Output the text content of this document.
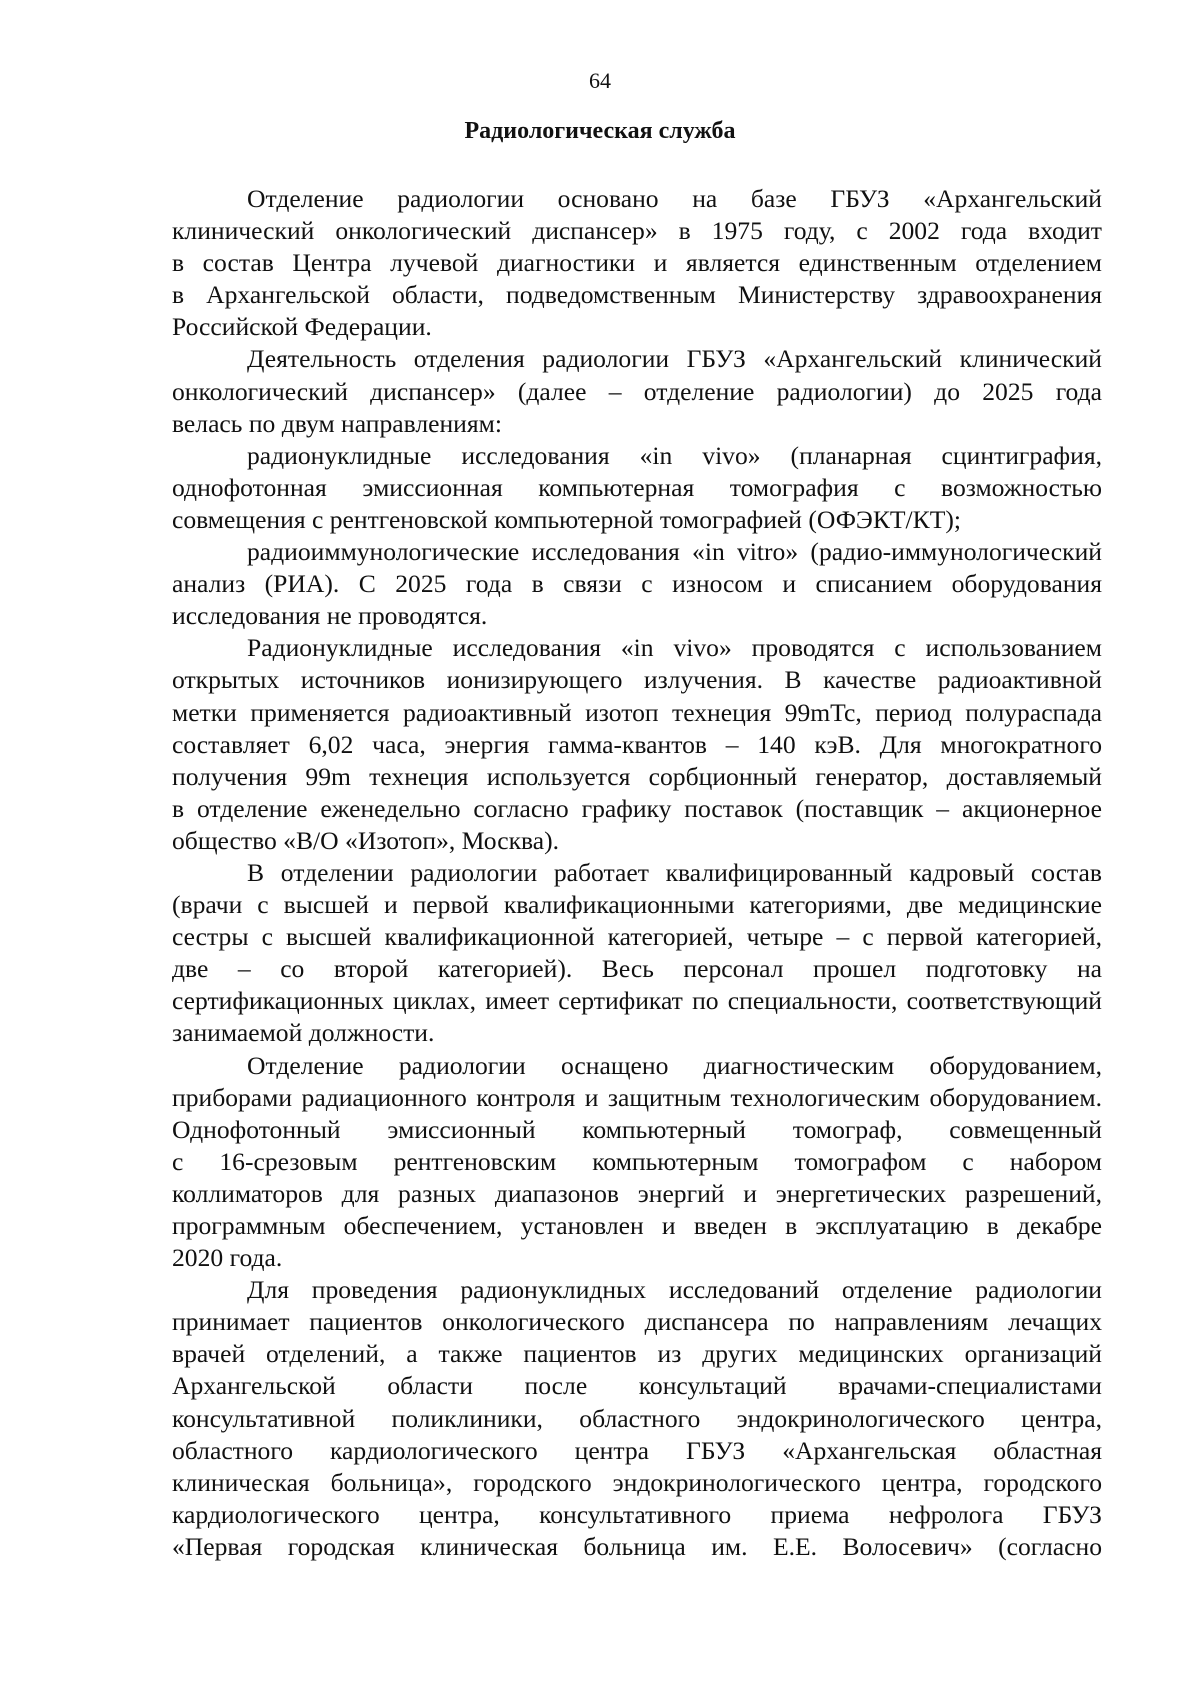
64
Радиологическая служба
Отделение радиологии основано на базе ГБУЗ «Архангельский
клинический онкологический диспансер» в 1975 году, с 2002 года входит
в состав Центра лучевой диагностики и является единственным отделением
в Архангельской области, подведомственным Министерству здравоохранения
Российской Федерации.
Деятельность отделения радиологии ГБУЗ «Архангельский клинический
онкологический диспансер» (далее – отделение радиологии) до 2025 года
велась по двум направлениям:
радионуклидные исследования «in vivo» (планарная сцинтиграфия,
однофотонная эмиссионная компьютерная томография с возможностью
совмещения с рентгеновской компьютерной томографией (ОФЭКТ/КТ);
радиоиммунологические исследования «in vitro» (радио-иммунологический
анализ (РИА). С 2025 года в связи с износом и списанием оборудования
исследования не проводятся.
Радионуклидные исследования «in vivo» проводятся с использованием
открытых источников ионизирующего излучения. В качестве радиоактивной
метки применяется радиоактивный изотоп технеция 99mTc, период полураспада
составляет 6,02 часа, энергия гамма-квантов – 140 кэВ. Для многократного
получения 99m технеция используется сорбционный генератор, доставляемый
в отделение еженедельно согласно графику поставок (поставщик – акционерное
общество «В/О «Изотоп», Москва).
В отделении радиологии работает квалифицированный кадровый состав
(врачи с высшей и первой квалификационными категориями, две медицинские
сестры с высшей квалификационной категорией, четыре – с первой категорией,
две – со второй категорией). Весь персонал прошел подготовку на
сертификационных циклах, имеет сертификат по специальности, соответствующий
занимаемой должности.
Отделение радиологии оснащено диагностическим оборудованием,
приборами радиационного контроля и защитным технологическим оборудованием.
Однофотонный эмиссионный компьютерный томограф, совмещенный
с 16-срезовым рентгеновским компьютерным томографом с набором
коллиматоров для разных диапазонов энергий и энергетических разрешений,
программным обеспечением, установлен и введен в эксплуатацию в декабре
2020 года.
Для проведения радионуклидных исследований отделение радиологии
принимает пациентов онкологического диспансера по направлениям лечащих
врачей отделений, а также пациентов из других медицинских организаций
Архангельской области после консультаций врачами-специалистами
консультативной поликлиники, областного эндокринологического центра,
областного кардиологического центра ГБУЗ «Архангельская областная
клиническая больница», городского эндокринологического центра, городского
кардиологического центра, консультативного приема нефролога ГБУЗ
«Первая городская клиническая больница им. Е.Е. Волосевич» (согласно
